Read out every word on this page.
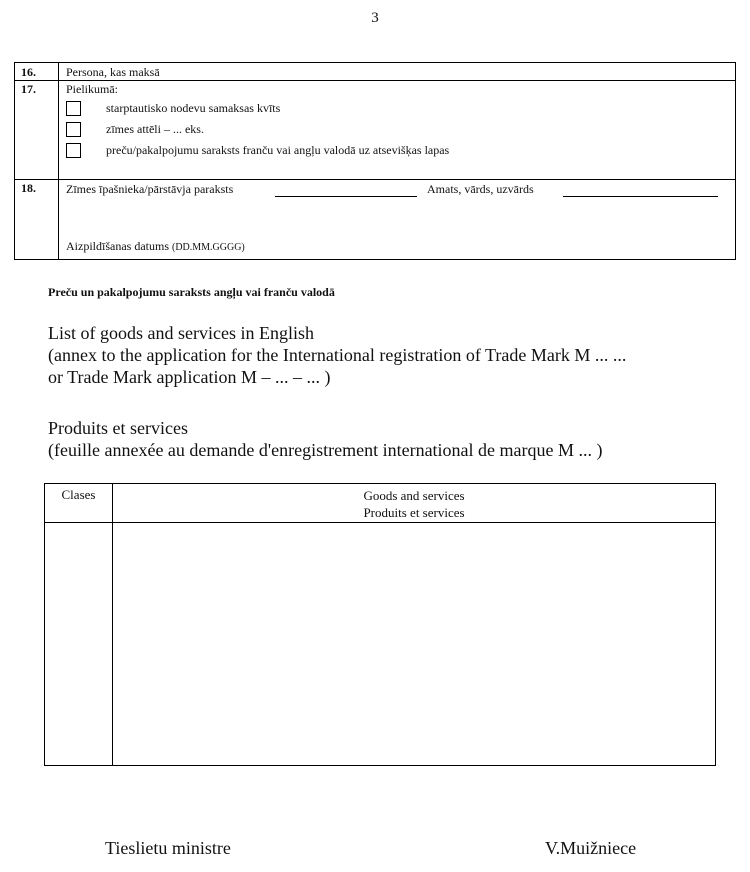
3
16.	Persona, kas maksā
17.	Pielikumā:
starptautisko nodevu samaksas kvīts
zīmes attēli – ... eks.
preču/pakalpojumu saraksts franču vai angļu valodā uz atsevišķas lapas
18.	Zīmes īpašnieka/pārstāvja paraksts	Amats, vārds, uzvārds
Aizpildīšanas datums (DD.MM.GGGG)
Preču un pakalpojumu saraksts angļu vai franču valodā
List of goods and services in English
(annex to the application for the International registration of Trade Mark M ... ...
or Trade Mark application M – ... – ... )
Produits et services
(feuille annexée au demande d'enregistrement international de marque M ... )
Clases	Goods and services
Produits et services
Tieslietu ministre	V.Muižniece
